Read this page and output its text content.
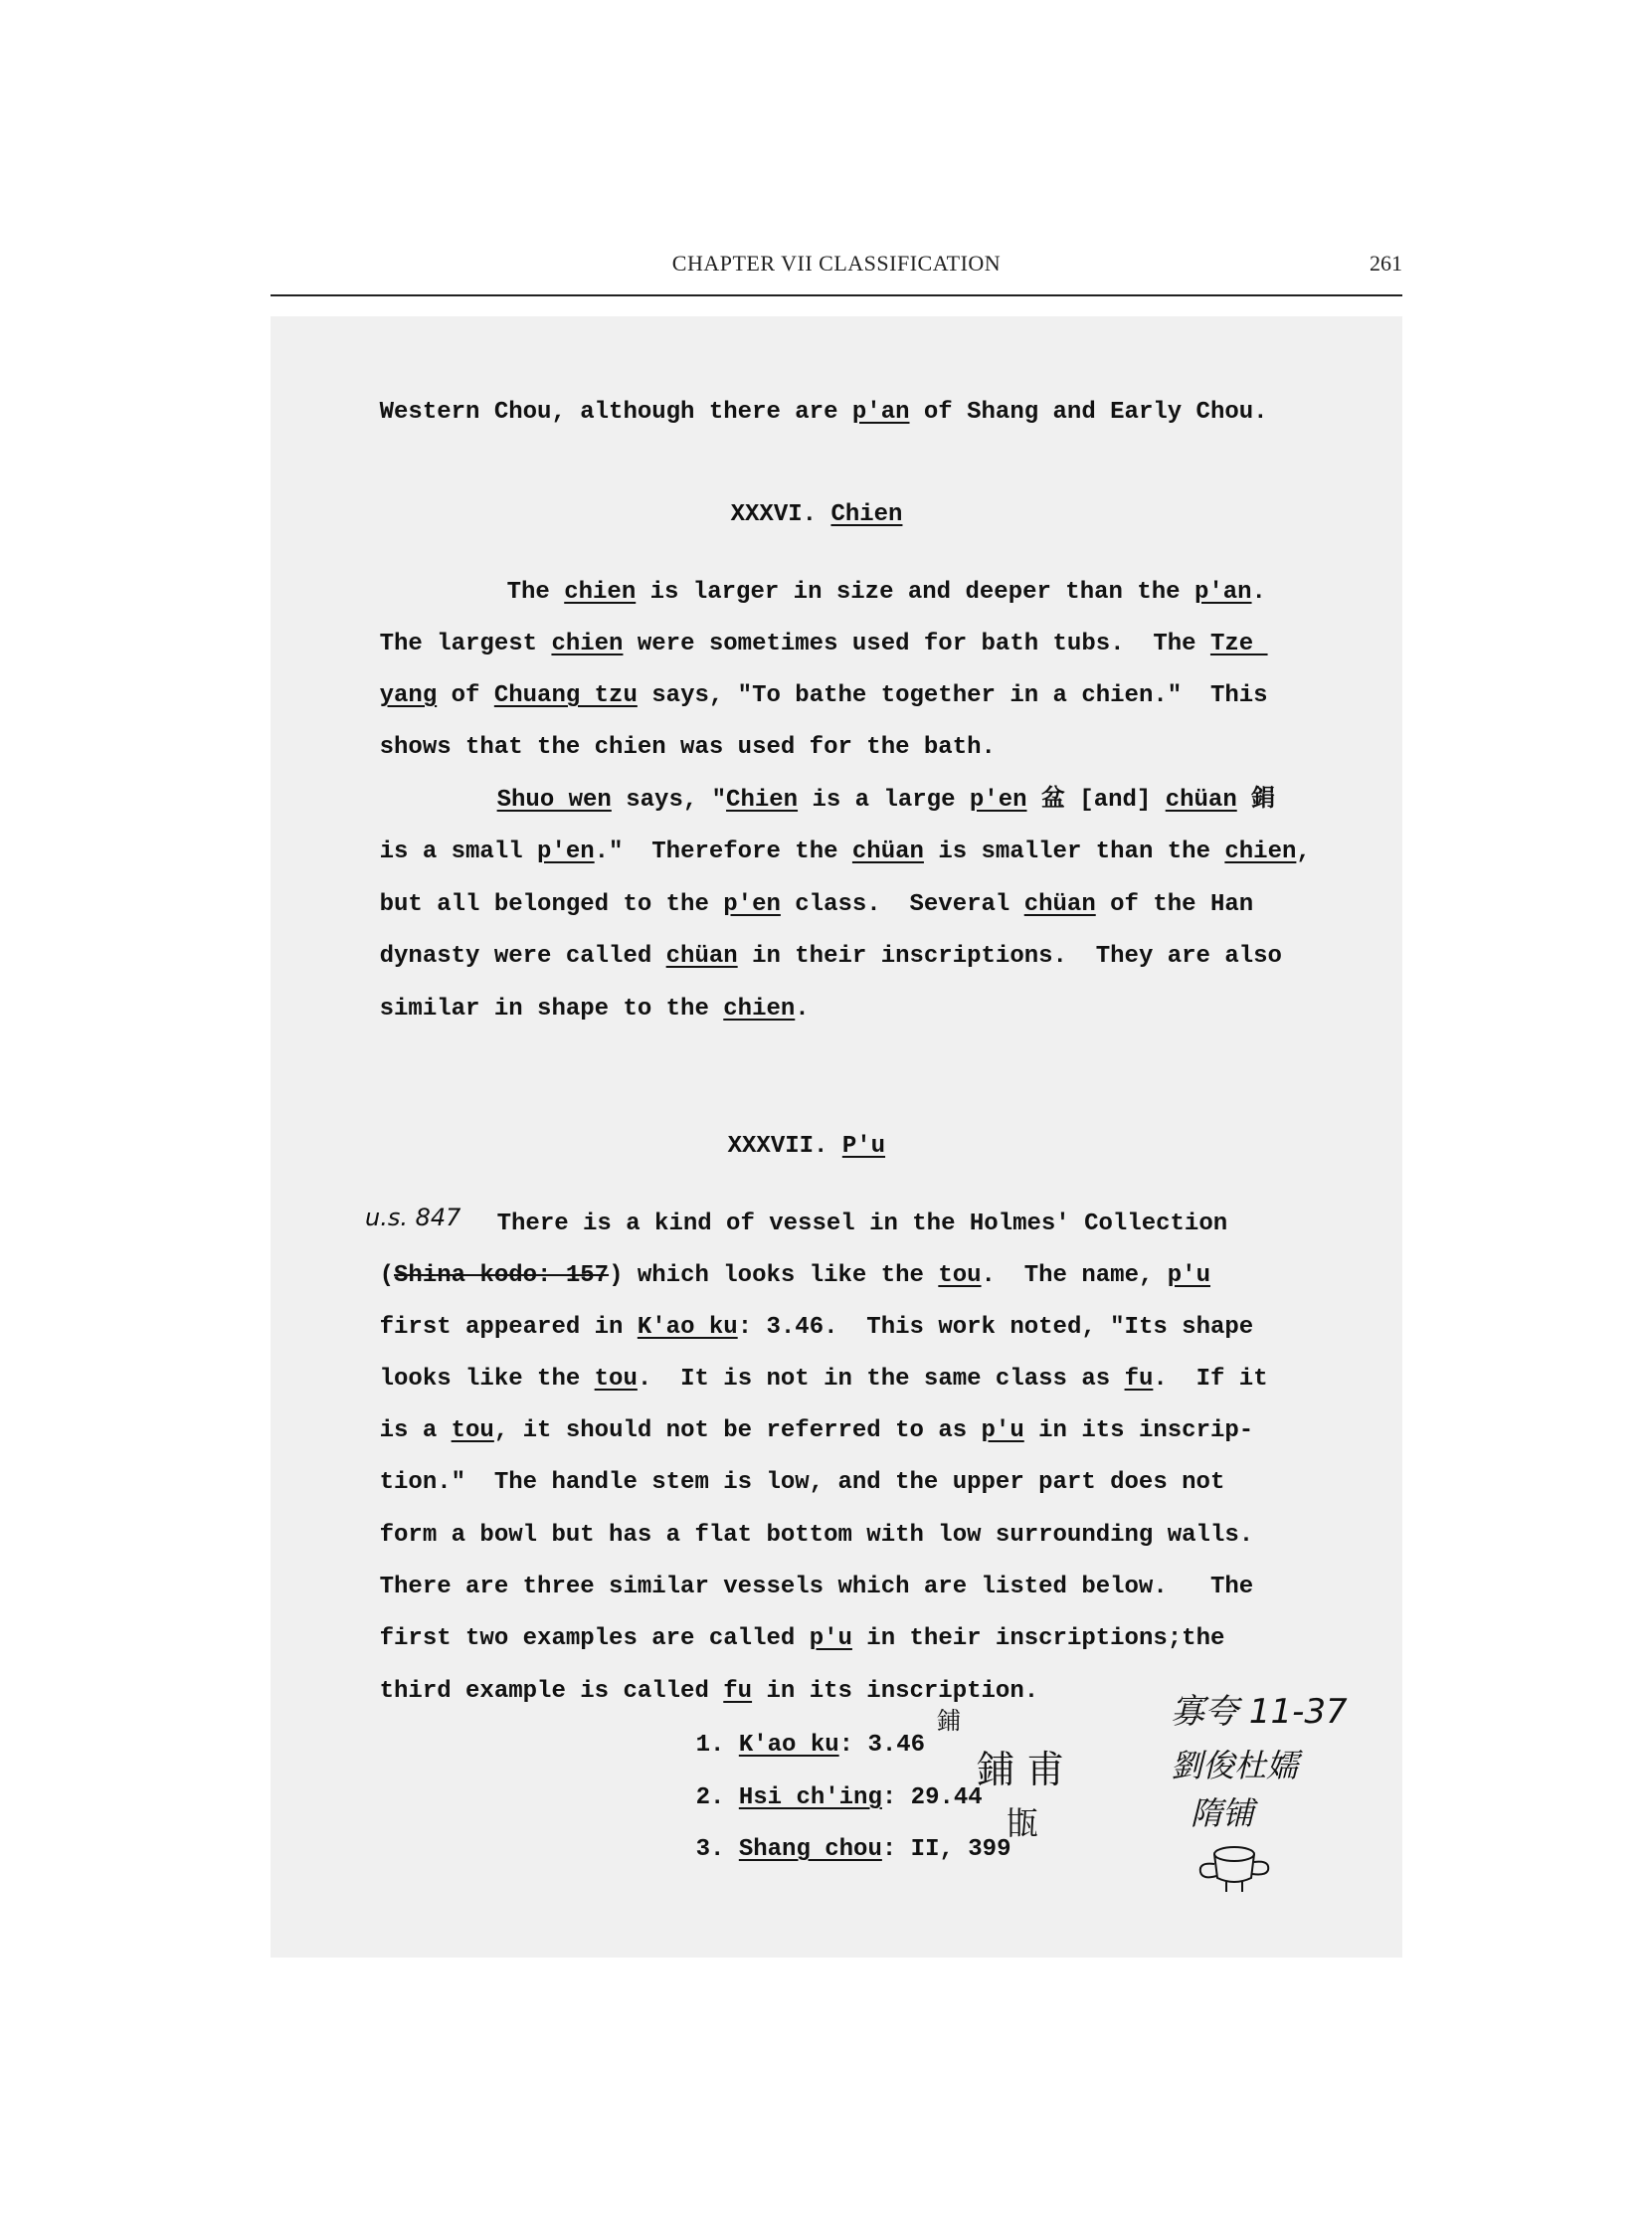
CHAPTER VII CLASSIFICATION	261

Western Chou, although there are p'an of Shang and Early Chou.

XXXVI. Chien

The chien is larger in size and deeper than the p'an.

The largest chien were sometimes used for bath tubs.  The Tze

yang of Chuang tzu says, "To bathe together in a chien."  This

shows that the chien was used for the bath.

Shuo wen says, "Chien is a large p'en 盆 [and] chüan 鋗

is a small p'en."  Therefore the chüan is smaller than the chien,

but all belonged to the p'en class.  Several chüan of the Han

dynasty were called chüan in their inscriptions.  They are also

similar in shape to the chien.

XXXVII. P'u

There is a kind of vessel in the Holmes' Collection

u.s. 847

(Shina kodo: 157) which looks like the tou.  The name, p'u

first appeared in K'ao ku: 3.46.  This work noted, "Its shape

looks like the tou.  It is not in the same class as fu.  If it

is a tou, it should not be referred to as p'u in its inscrip-

tion."  The handle stem is low, and the upper part does not

form a bowl but has a flat bottom with low surrounding walls.

There are three similar vessels which are listed below.   The

first two examples are called p'u in their inscriptions;the

third example is called fu in its inscription.

1. K'ao ku: 3.46

鋪

2. Hsi ch'ing: 29.44

鋪 甫

3. Shang chou: II, 399

㽍
寡夸 11-37
劉俊杜嬬
隋铺
